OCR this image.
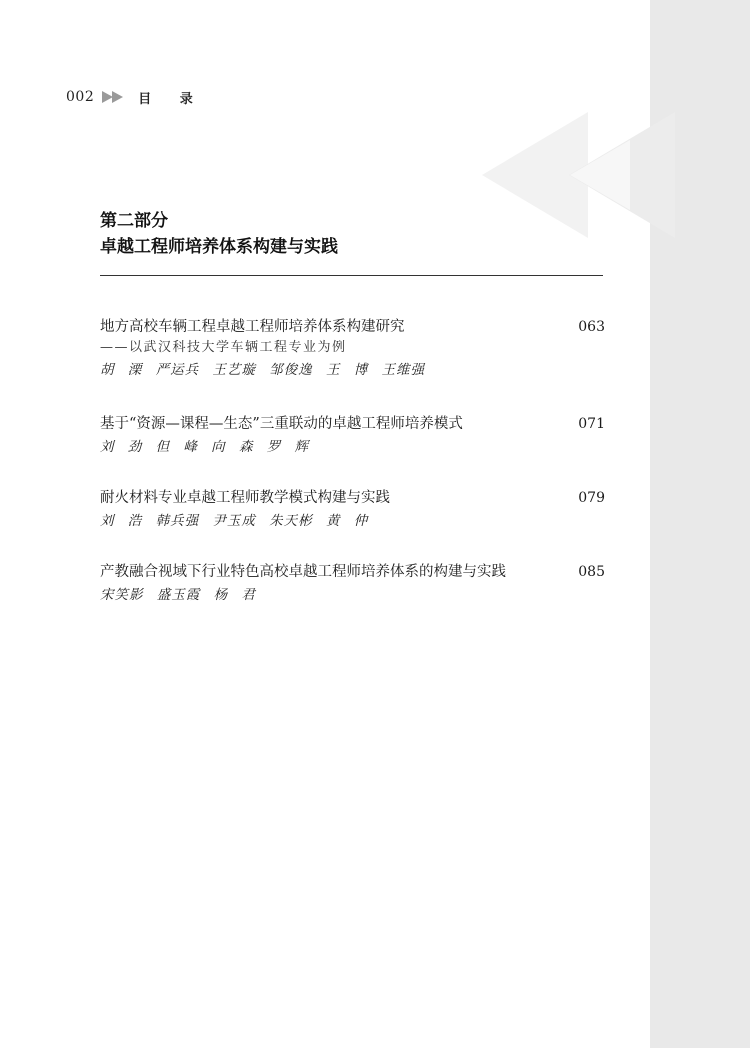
002	目 录
第二部分
卓越工程师培养体系构建与实践
地方高校车辆工程卓越工程师培养体系构建研究	063
——以武汉科技大学车辆工程专业为例
胡 溧 严运兵 王艺璇 邹俊逸 王 博 王维强
基于“资源—课程—生态”三重联动的卓越工程师培养模式	071
刘 劲 但 峰 向 森 罗 辉
耐火材料专业卓越工程师教学模式构建与实践	079
刘 浩 韩兵强 尹玉成 朱天彬 黄 仲
产教融合视域下行业特色高校卓越工程师培养体系的构建与实践	085
宋笑影 盛玉霞 杨 君
